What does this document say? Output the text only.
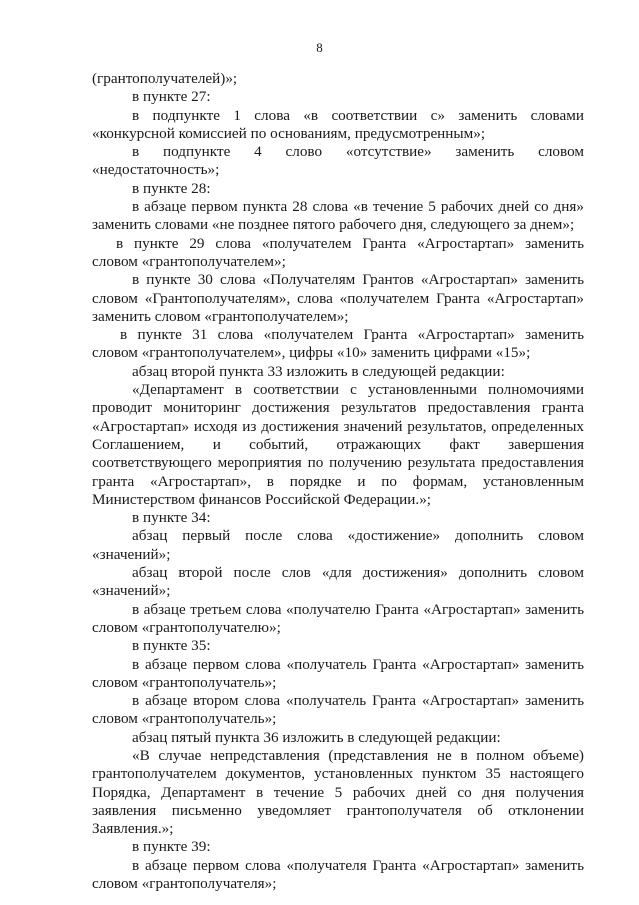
8

(грантополучателей)»;

в пункте 27:

в подпункте 1 слова «в соответствии с» заменить словами «конкурсной комиссией по основаниям, предусмотренным»;

в подпункте 4 слово «отсутствие» заменить словом «недостаточность»;

в пункте 28:

в абзаце первом пункта 28 слова «в течение 5 рабочих дней со дня» заменить словами «не позднее пятого рабочего дня, следующего за днем»;

в пункте 29 слова «получателем Гранта «Агростартап» заменить словом «грантополучателем»;

в пункте 30 слова «Получателям Грантов «Агростартап» заменить словом «Грантополучателям», слова «получателем Гранта «Агростартап» заменить словом «грантополучателем»;

в пункте 31 слова «получателем Гранта «Агростартап» заменить словом «грантополучателем», цифры «10» заменить цифрами «15»;

абзац второй пункта 33 изложить в следующей редакции:

«Департамент в соответствии с установленными полномочиями проводит мониторинг достижения результатов предоставления гранта «Агростартап» исходя из достижения значений результатов, определенных Соглашением, и событий, отражающих факт завершения соответствующего мероприятия по получению результата предоставления гранта «Агростартап», в порядке и по формам, установленным Министерством финансов Российской Федерации.»;

в пункте 34:

абзац первый после слова «достижение» дополнить словом «значений»;

абзац второй после слов «для достижения» дополнить словом «значений»;

в абзаце третьем слова «получателю Гранта «Агростартап» заменить словом «грантополучателю»;

в пункте 35:

в абзаце первом слова «получатель Гранта «Агростартап» заменить словом «грантополучатель»;

в абзаце втором слова «получатель Гранта «Агростартап» заменить словом «грантополучатель»;

абзац пятый пункта 36 изложить в следующей редакции:

«В случае непредставления (представления не в полном объеме) грантополучателем документов, установленных пунктом 35 настоящего Порядка, Департамент в течение 5 рабочих дней со дня получения заявления письменно уведомляет грантополучателя об отклонении Заявления.»;

в пункте 39:

в абзаце первом слова «получателя Гранта «Агростартап» заменить словом «грантополучателя»;
